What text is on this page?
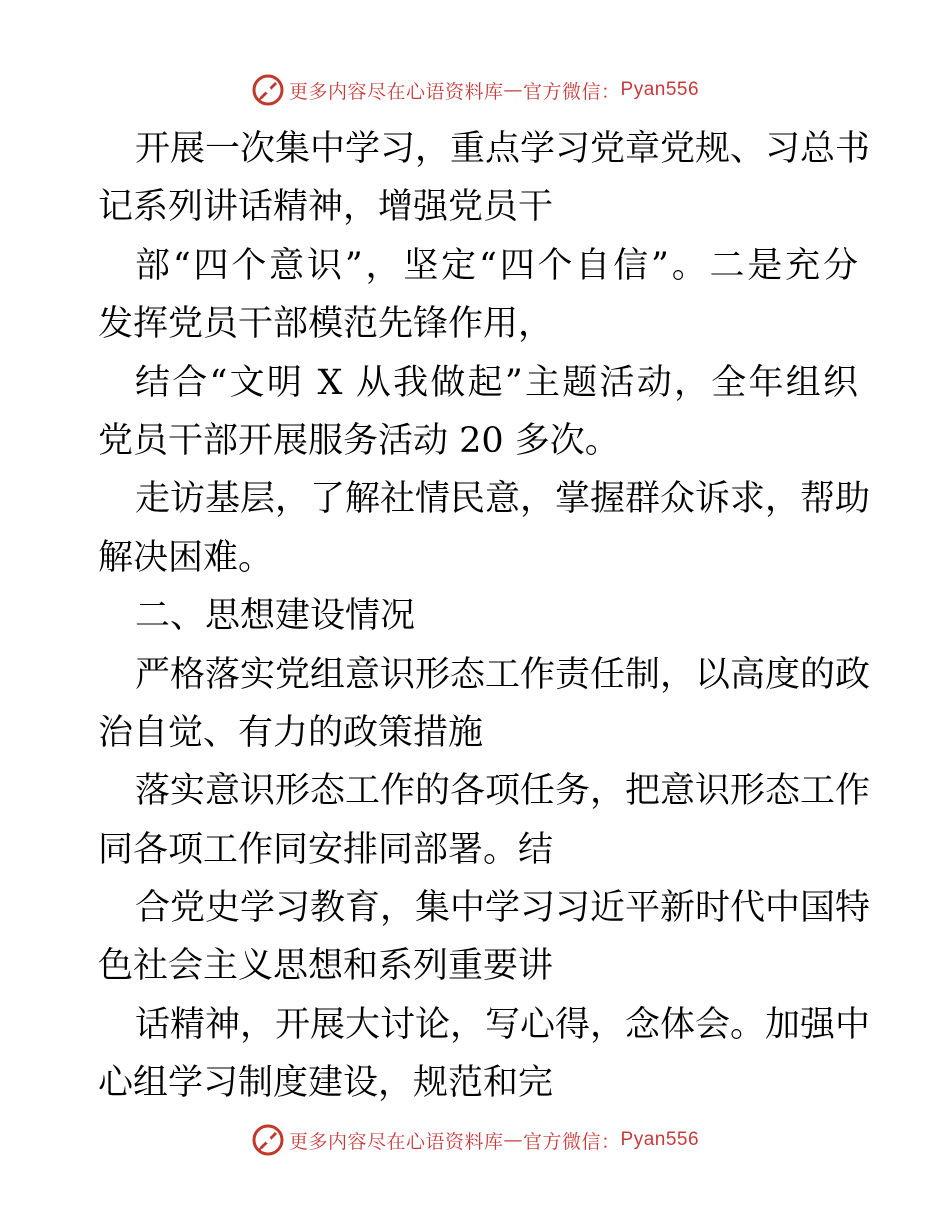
更多内容尽在心语资料库 — 官方微信 ： Pyan556
开展一次集中学习，重点学习党章党规、习总书
记系列讲话精神，增强党员干
部“四个意识”，坚定“四个自信”。二是充分
发挥党员干部模范先锋作用，
结合“文明 X 从我做起”主题活动，全年组织
党员干部开展服务活动 20 多次。
走访基层，了解社情民意，掌握群众诉求，帮助
解决困难。
二、思想建设情况
严格落实党组意识形态工作责任制，以高度的政
治自觉、有力的政策措施
落实意识形态工作的各项任务，把意识形态工作
同各项工作同安排同部署。结
合党史学习教育，集中学习习近平新时代中国特
色社会主义思想和系列重要讲
话精神，开展大讨论，写心得，念体会。加强中
心组学习制度建设，规范和完
更多内容尽在心语资料库 — 官方微信 ： Pyan556
